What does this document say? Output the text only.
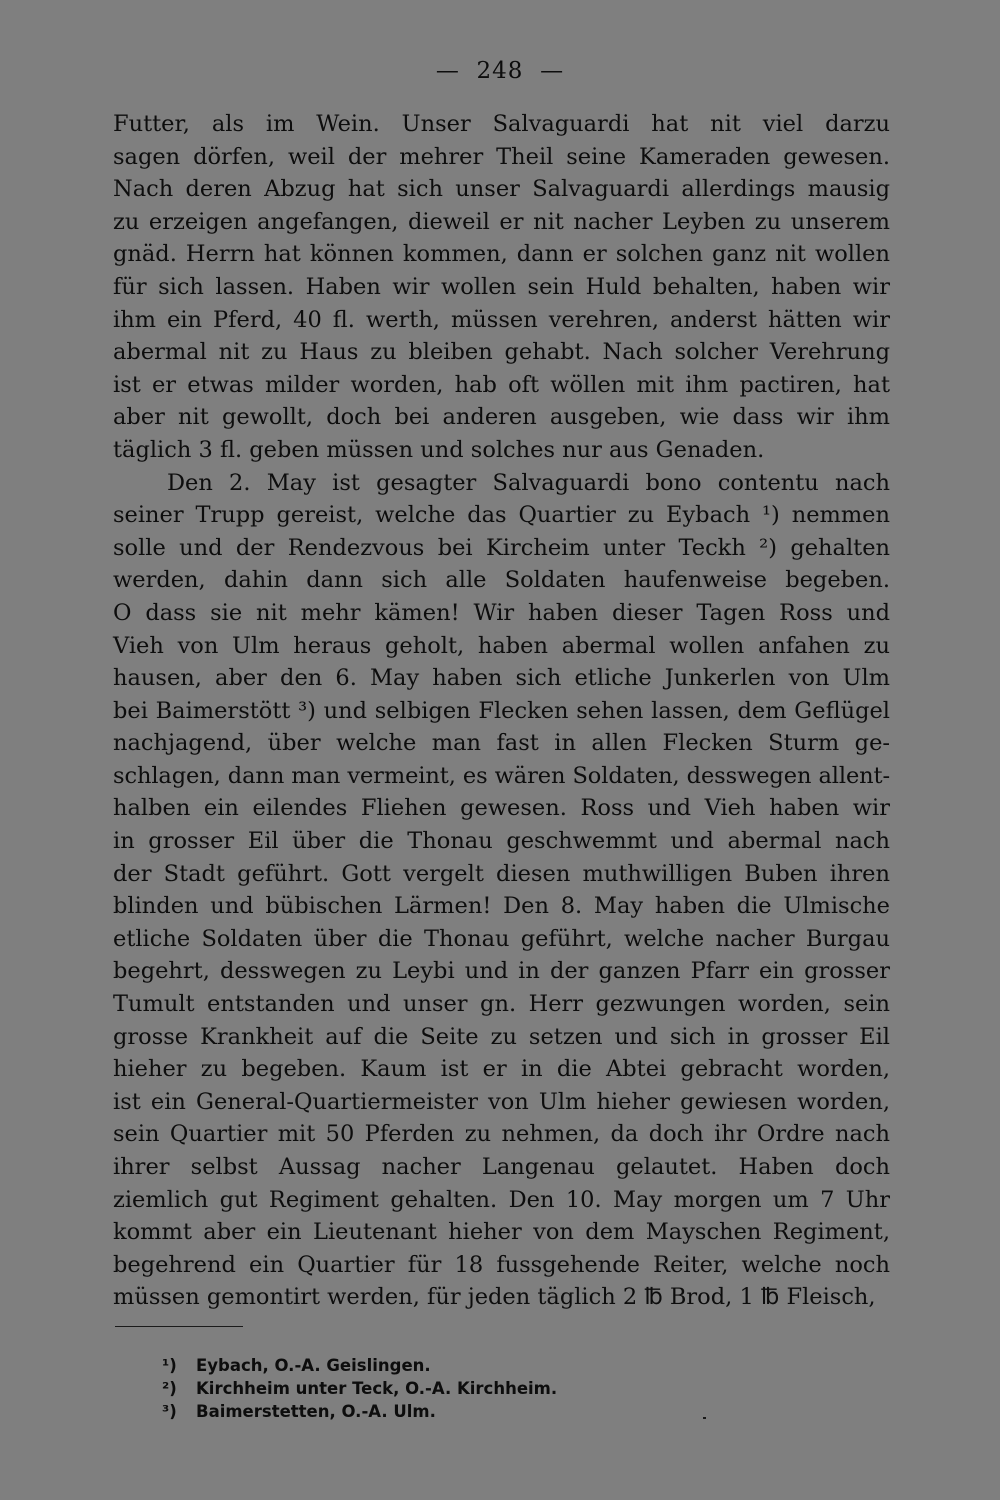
—  248  —
Futter, als im Wein. Unser Salvaguardi hat nit viel darzu
sagen dörfen, weil der mehrer Theil seine Kameraden gewesen.
Nach deren Abzug hat sich unser Salvaguardi allerdings mausig
zu erzeigen angefangen, dieweil er nit nacher Leyben zu unserem
gnäd. Herrn hat können kommen, dann er solchen ganz nit wollen
für sich lassen. Haben wir wollen sein Huld behalten, haben wir
ihm ein Pferd, 40 fl. werth, müssen verehren, anderst hätten wir
abermal nit zu Haus zu bleiben gehabt. Nach solcher Verehrung
ist er etwas milder worden, hab oft wöllen mit ihm pactiren, hat
aber nit gewollt, doch bei anderen ausgeben, wie dass wir ihm
täglich 3 fl. geben müssen und solches nur aus Genaden.
Den 2. May ist gesagter Salvaguardi bono contentu nach
seiner Trupp gereist, welche das Quartier zu Eybach ¹) nemmen
solle und der Rendezvous bei Kircheim unter Teckh ²) gehalten
werden, dahin dann sich alle Soldaten haufenweise begeben.
O dass sie nit mehr kämen! Wir haben dieser Tagen Ross und
Vieh von Ulm heraus geholt, haben abermal wollen anfahen zu
hausen, aber den 6. May haben sich etliche Junkerlen von Ulm
bei Baimerstött ³) und selbigen Flecken sehen lassen, dem Geflügel
nachjagend, über welche man fast in allen Flecken Sturm ge-
schlagen, dann man vermeint, es wären Soldaten, desswegen allent-
halben ein eilendes Fliehen gewesen. Ross und Vieh haben wir
in grosser Eil über die Thonau geschwemmt und abermal nach
der Stadt geführt. Gott vergelt diesen muthwilligen Buben ihren
blinden und bübischen Lärmen! Den 8. May haben die Ulmische
etliche Soldaten über die Thonau geführt, welche nacher Burgau
begehrt, desswegen zu Leybi und in der ganzen Pfarr ein grosser
Tumult entstanden und unser gn. Herr gezwungen worden, sein
grosse Krankheit auf die Seite zu setzen und sich in grosser Eil
hieher zu begeben. Kaum ist er in die Abtei gebracht worden,
ist ein General-Quartiermeister von Ulm hieher gewiesen worden,
sein Quartier mit 50 Pferden zu nehmen, da doch ihr Ordre nach
ihrer selbst Aussag nacher Langenau gelautet. Haben doch
ziemlich gut Regiment gehalten. Den 10. May morgen um 7 Uhr
kommt aber ein Lieutenant hieher von dem Mayschen Regiment,
begehrend ein Quartier für 18 fussgehende Reiter, welche noch
müssen gemontirt werden, für jeden täglich 2 ℔ Brod, 1 ℔ Fleisch,
¹) Eybach, O.-A. Geislingen.
²) Kirchheim unter Teck, O.-A. Kirchheim.
³) Baimerstetten, O.-A. Ulm.
